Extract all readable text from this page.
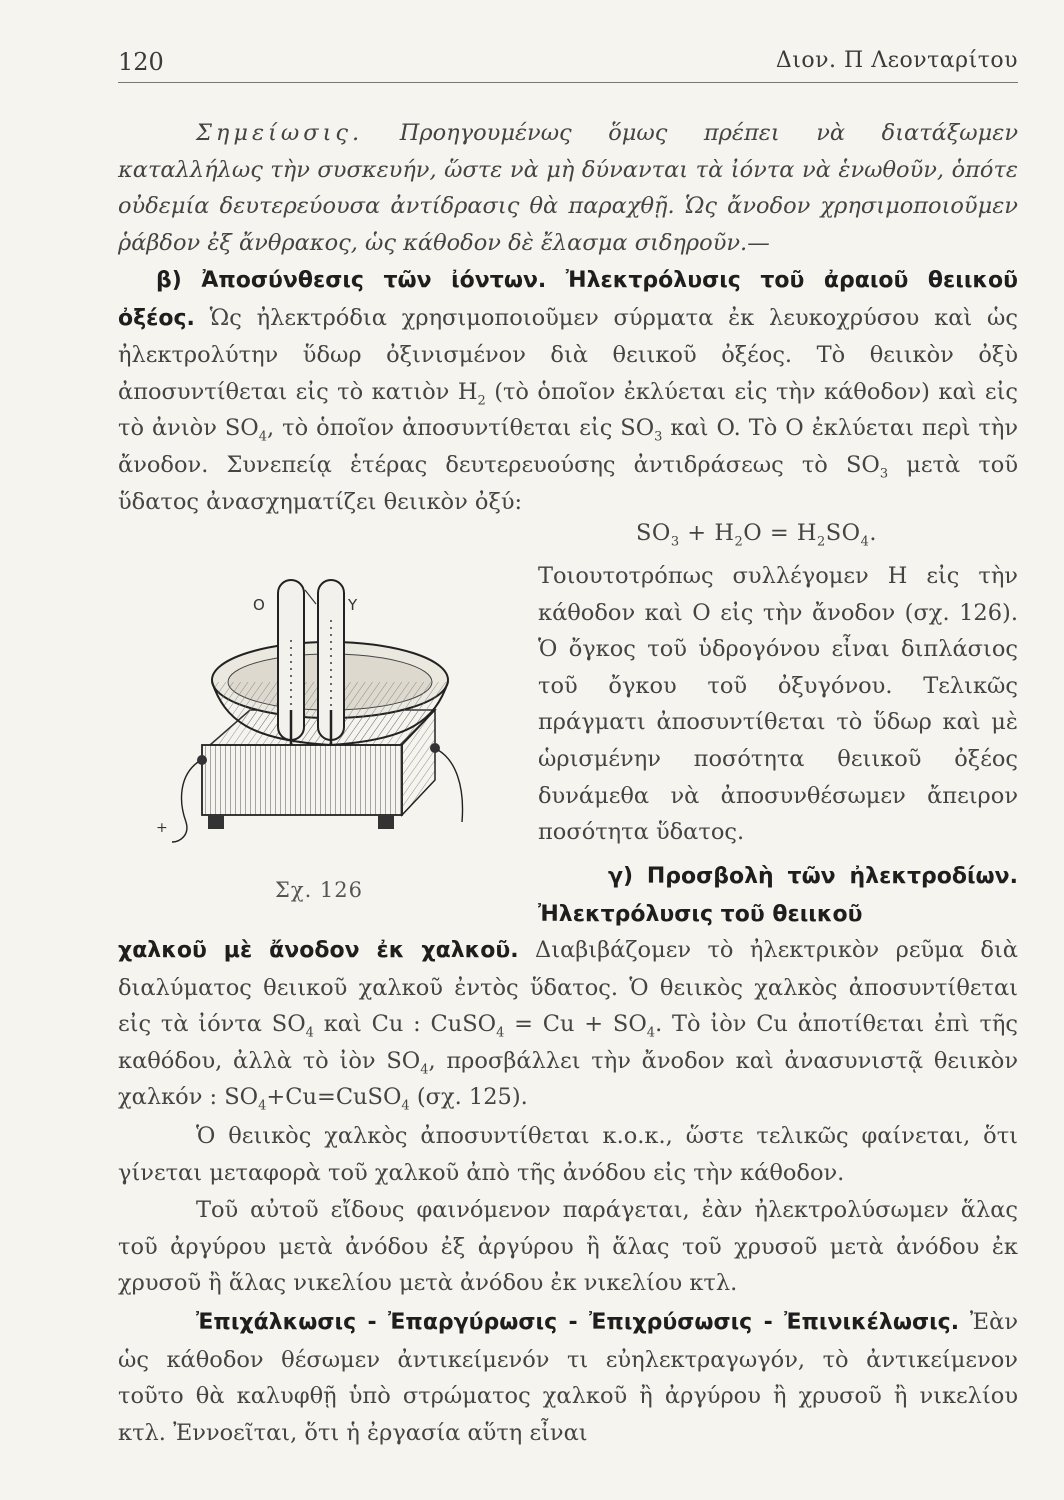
120	Διον. Π Λεονταρίτου

Σημείωσις. Προηγουμένως ὅμως πρέπει νὰ διατάξωμεν καταλλήλως τὴν συσκευήν, ὥστε νὰ μὴ δύνανται τὰ ἰόντα νὰ ἑνωθοῦν, ὁπότε οὐδεμία δευτερεύουσα ἀντίδρασις θὰ παραχθῇ. Ὡς ἄνοδον χρησιμοποιοῦμεν ῥάβδον ἐξ ἄνθρακος, ὡς κάθοδον δὲ ἔλασμα σιδηροῦν.—

β) Ἀποσύνθεσις τῶν ἰόντων. Ἠλεκτρόλυσις τοῦ ἀραιοῦ θειικοῦ ὀξέος. Ὡς ἠλεκτρόδια χρησιμοποιοῦμεν σύρματα ἐκ λευκοχρύσου καὶ ὡς ἠλεκτρολύτην ὕδωρ ὀξινισμένον διὰ θειικοῦ ὀξέος. Τὸ θειικὸν ὀξὺ ἀποσυντίθεται εἰς τὸ κατιὸν $H_2$ (τὸ ὁποῖον ἐκλύεται εἰς τὴν κάθοδον) καὶ εἰς τὸ ἀνιὸν $SO_4$, τὸ ὁποῖον ἀποσυντίθεται εἰς $SO_3$ καὶ O. Τὸ O ἐκλύεται περὶ τὴν ἄνοδον. Συνεπείᾳ ἑτέρας δευτερευούσης ἀντιδράσεως τὸ $SO_3$ μετὰ τοῦ ὕδατος ἀνασχηματίζει θειικὸν ὀξύ:

$SO_3 + H_2O = H_2SO_4$.

Τοιουτοτρόπως συλλέγομεν H εἰς τὴν κάθοδον καὶ O εἰς τὴν ἄνοδον (σχ. 126). Ὁ ὄγκος τοῦ ὑδρογόνου εἶναι διπλάσιος τοῦ ὄγκου τοῦ ὀξυγόνου. Τελικῶς πράγματι ἀποσυντίθεται τὸ ὕδωρ καὶ μὲ ὡρισμένην ποσότητα θειικοῦ ὀξέος δυνάμεθα νὰ ἀποσυνθέσωμεν ἄπειρον ποσότητα ὕδατος.

+
O	Y
Σχ. 126

γ) Προσβολὴ τῶν ἠλεκτροδίων. Ἠλεκτρόλυσις τοῦ θειικοῦ

χαλκοῦ μὲ ἄνοδον ἐκ χαλκοῦ. Διαβιβάζομεν τὸ ἠλεκτρικὸν ρεῦμα διὰ διαλύματος θειικοῦ χαλκοῦ ἐντὸς ὕδατος. Ὁ θειικὸς χαλκὸς ἀποσυντίθεται εἰς τὰ ἰόντα $SO_4$ καὶ Cu : CuSO$_4$ = $Cu + SO_4$. Τὸ ἰὸν Cu ἀποτίθεται ἐπὶ τῆς καθόδου, ἀλλὰ τὸ ἰὸν $SO_4$, προσβάλλει τὴν ἄνοδον καὶ ἀνασυνιστᾷ θειικὸν χαλκόν : $SO_4+Cu=CuSO_4$ (σχ. 125).

Ὁ θειικὸς χαλκὸς ἀποσυντίθεται κ.ο.κ., ὥστε τελικῶς φαίνεται, ὅτι γίνεται μεταφορὰ τοῦ χαλκοῦ ἀπὸ τῆς ἀνόδου εἰς τὴν κάθοδον.

Τοῦ αὐτοῦ εἴδους φαινόμενον παράγεται, ἐὰν ἠλεκτρολύσωμεν ἅλας τοῦ ἀργύρου μετὰ ἀνόδου ἐξ ἀργύρου ἢ ἅλας τοῦ χρυσοῦ μετὰ ἀνόδου ἐκ χρυσοῦ ἢ ἅλας νικελίου μετὰ ἀνόδου ἐκ νικελίου κτλ.

Ἐπιχάλκωσις - Ἐπαργύρωσις - Ἐπιχρύσωσις - Ἐπινικέλωσις. Ἐὰν ὡς κάθοδον θέσωμεν ἀντικείμενόν τι εὐηλεκτραγωγόν, τὸ ἀντικείμενον τοῦτο θὰ καλυφθῇ ὑπὸ στρώματος χαλκοῦ ἢ ἀργύρου ἢ χρυσοῦ ἢ νικελίου κτλ. Ἐννοεῖται, ὅτι ἡ ἐργασία αὕτη εἶναι
